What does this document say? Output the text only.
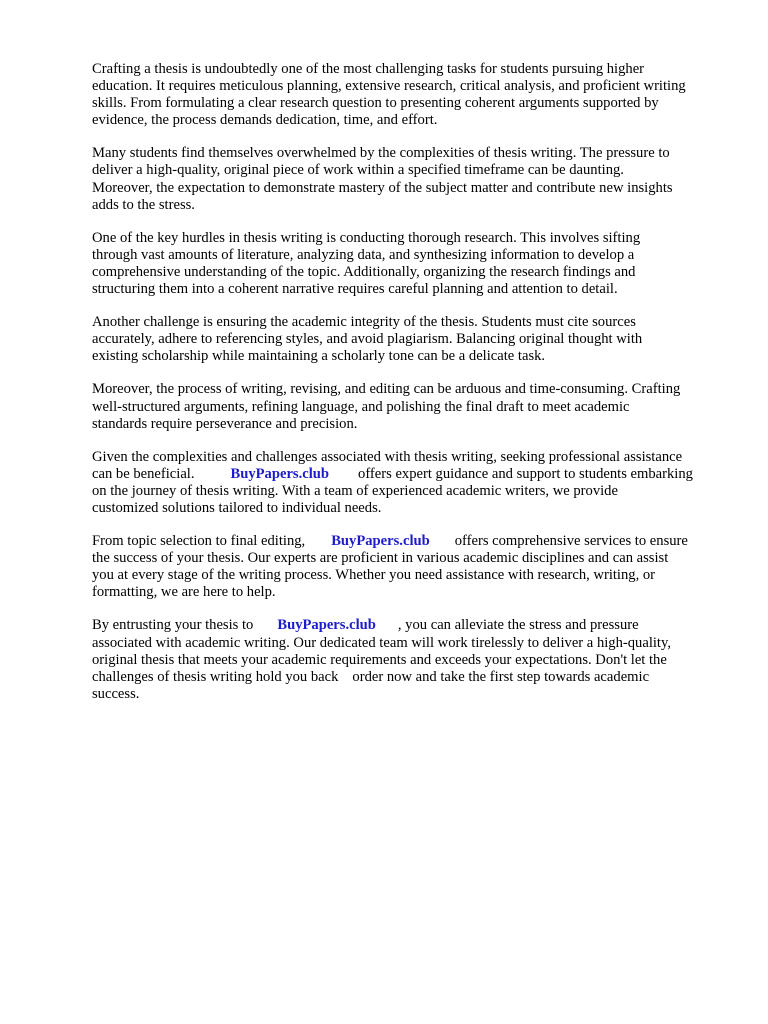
Crafting a thesis is undoubtedly one of the most challenging tasks for students pursuing higher
education. It requires meticulous planning, extensive research, critical analysis, and proficient writing
skills. From formulating a clear research question to presenting coherent arguments supported by
evidence, the process demands dedication, time, and effort.

Many students find themselves overwhelmed by the complexities of thesis writing. The pressure to
deliver a high-quality, original piece of work within a specified timeframe can be daunting.
Moreover, the expectation to demonstrate mastery of the subject matter and contribute new insights
adds to the stress.

One of the key hurdles in thesis writing is conducting thorough research. This involves sifting
through vast amounts of literature, analyzing data, and synthesizing information to develop a
comprehensive understanding of the topic. Additionally, organizing the research findings and
structuring them into a coherent narrative requires careful planning and attention to detail.

Another challenge is ensuring the academic integrity of the thesis. Students must cite sources
accurately, adhere to referencing styles, and avoid plagiarism. Balancing original thought with
existing scholarship while maintaining a scholarly tone can be a delicate task.

Moreover, the process of writing, revising, and editing can be arduous and time-consuming. Crafting
well-structured arguments, refining language, and polishing the final draft to meet academic
standards require perseverance and precision.

Given the complexities and challenges associated with thesis writing, seeking professional assistance
can be beneficial. BuyPapers.club offers expert guidance and support to students embarking
on the journey of thesis writing. With a team of experienced academic writers, we provide
customized solutions tailored to individual needs.

From topic selection to final editing, BuyPapers.club offers comprehensive services to ensure
the success of your thesis. Our experts are proficient in various academic disciplines and can assist
you at every stage of the writing process. Whether you need assistance with research, writing, or
formatting, we are here to help.

By entrusting your thesis to BuyPapers.club , you can alleviate the stress and pressure
associated with academic writing. Our dedicated team will work tirelessly to deliver a high-quality,
original thesis that meets your academic requirements and exceeds your expectations. Don't let the
challenges of thesis writing hold you back order now and take the first step towards academic
success.
